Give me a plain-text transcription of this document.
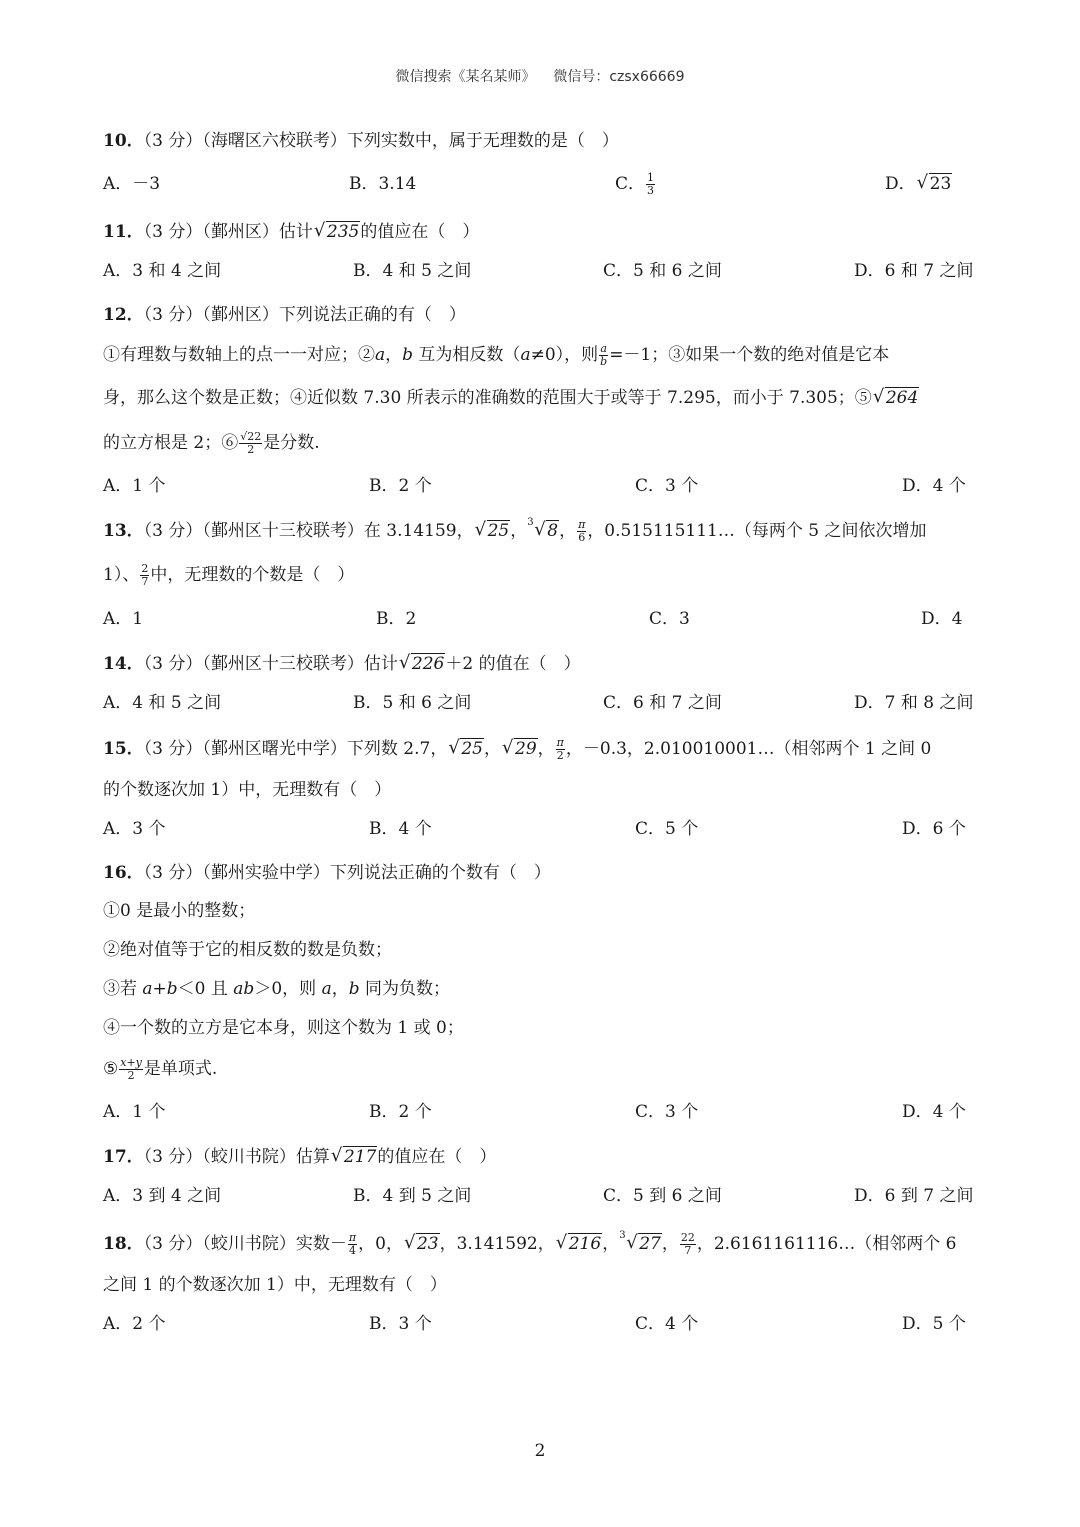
微信搜索《某名某师》    微信号：czsx66669
10．（3 分）（海曙区六校联考）下列实数中，属于无理数的是（　）
A．－3	B．3.14	C． $\frac{1}{3}$	D． √ 23
11．（3 分）（鄞州区）估计 √ 235的值应在（　）
A．3 和 4 之间	B．4 和 5 之间	C．5 和 6 之间	D．6 和 7 之间
12．（3 分）（鄞州区）下列说法正确的有（　）
①有理数与数轴上的点一一对应；②a，b 互为相反数（a≠0），则 $\frac{a}{b} =-1$；③如果一个数的绝对值是它本
身，那么这个数是正数；④近似数 7.30 所表示的准确数的范围大于或等于 7.295，而小于 7.305；⑤ √ 264
的立方根是 2；⑥ $\frac{√22}{2}$ 是分数.
A．1 个	B．2 个	C．3 个	D．4 个
13．（3 分）（鄞州区十三校联考）在 3.14159， √ 25， 3 √ 8， $\frac{\pi}{6}$ ，0.515115111…（每两个 5 之间依次增加
1）、 $\frac{2}{7}$ 中，无理数的个数是（　）
A．1	B．2	C．3	D．4
14．（3 分）（鄞州区十三校联考）估计 √ 226＋2 的值在（　）
A．4 和 5 之间	B．5 和 6 之间	C．6 和 7 之间	D．7 和 8 之间
15．（3 分）（鄞州区曙光中学）下列数 2.7， √ 25， √ 29， $\frac{\pi}{2}$ ，－0.3，2.010010001…（相邻两个 1 之间 0
的个数逐次加 1）中，无理数有（　）
A．3 个	B．4 个	C．5 个	D．6 个
16．（3 分）（鄞州实验中学）下列说法正确的个数有（　）
①0 是最小的整数；
②绝对值等于它的相反数的数是负数；
③若 a+b＜0 且 ab＞0，则 a，b 同为负数；
④一个数的立方是它本身，则这个数为 1 或 0；
⑤ $\frac{x+y}{2}$ 是单项式.
A．1 个	B．2 个	C．3 个	D．4 个
17．（3 分）（蛟川书院）估算 √ 217的值应在（　）
A．3 到 4 之间	B．4 到 5 之间	C．5 到 6 之间	D．6 到 7 之间
18．（3 分）（蛟川书院）实数－ $\frac{\pi}{4}$ ，0， √ 23，3.141592， √ 216， 3 √ 27， $\frac{22}{7}$ ，2.6161161116…（相邻两个 6
之间 1 的个数逐次加 1）中，无理数有（　）
A．2 个	B．3 个	C．4 个	D．5 个
2
